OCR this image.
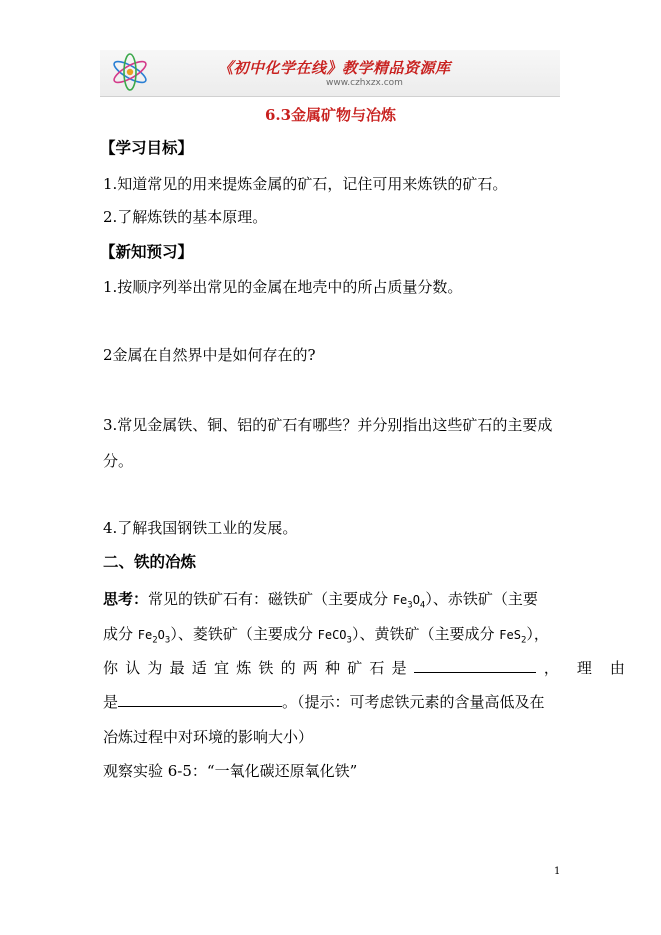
《初中化学在线》教学精品资源库
www.czhxzx.com
6.3金属矿物与冶炼
【学习目标】
1.知道常见的用来提炼金属的矿石，记住可用来炼铁的矿石。
2.了解炼铁的基本原理。
【新知预习】
1.按顺序列举出常见的金属在地壳中的所占质量分数。
2金属在自然界中是如何存在的?
3.常见金属铁、铜、铝的矿石有哪些？并分别指出这些矿石的主要成
分。
4.了解我国钢铁工业的发展。
二、铁的冶炼
思考：常见的铁矿石有：磁铁矿（主要成分 $Fe_3O_4$）、赤铁矿（主要
成分 $Fe_2O_3$）、菱铁矿（主要成分 FeCO$_3$）、黄铁矿（主要成分 FeS$_2$），
你认为最适宜炼铁的两种矿石是	，理由
是	。（提示：可考虑铁元素的含量高低及在
冶炼过程中对环境的影响大小）
观察实验 6-5：“一氧化碳还原氧化铁”
1
